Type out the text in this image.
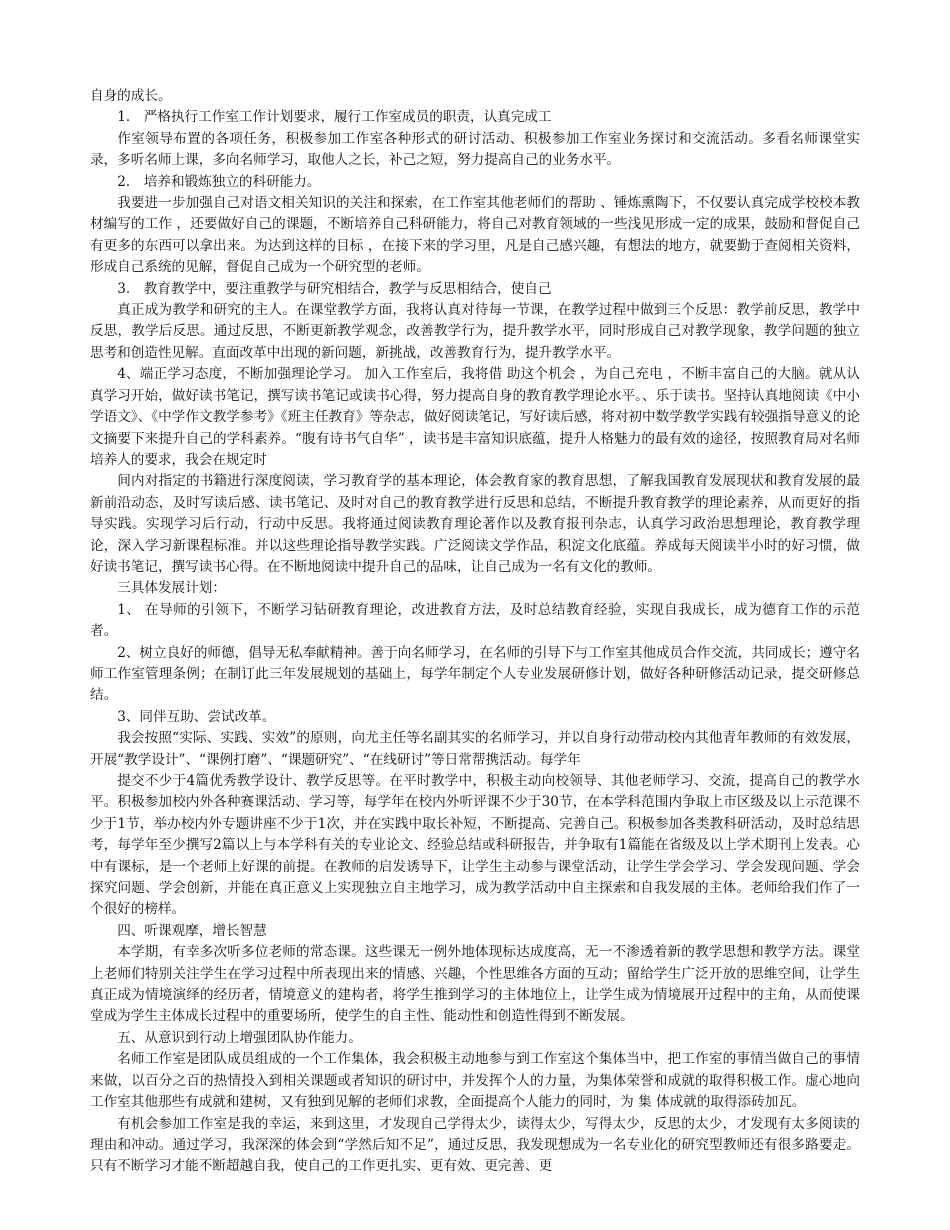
自身的成长。

1． 严格执行工作室工作计划要求，履行工作室成员的职责，认真完成工

作室领导布置的各项任务，积极参加工作室各种形式的研讨活动、积极参加工作室业务探讨和交流活动。多看名师课堂实录，多听名师上课，多向名师学习，取他人之长，补己之短，努力提高自己的业务水平。

2． 培养和锻炼独立的科研能力。

我要进一步加强自己对语文相关知识的关注和探索，在工作室其他老师们的帮助 、锤炼熏陶下，不仅要认真完成学校校本教材编写的工作 ，还要做好自己的课题，不断培养自己科研能力，将自己对教育领域的一些浅见形成一定的成果，鼓励和督促自己有更多的东西可以拿出来。为达到这样的目标 ，在接下来的学习里，凡是自己感兴趣，有想法的地方，就要勤于查阅相关资料，形成自己系统的见解，督促自己成为一个研究型的老师。

3． 教育教学中，要注重教学与研究相结合，教学与反思相结合，使自己

真正成为教学和研究的主人。在课堂教学方面，我将认真对待每一节课，在教学过程中做到三个反思：教学前反思，教学中反思，教学后反思。通过反思，不断更新教学观念，改善教学行为，提升教学水平，同时形成自己对教学现象，教学问题的独立思考和创造性见解。直面改革中出现的新问题，新挑战，改善教育行为，提升教学水平。

4、端正学习态度，不断加强理论学习。 加入工作室后，我将借 助这个机会 ，为自己充电 ，不断丰富自己的大脑。就从认真学习开始，做好读书笔记，撰写读书笔记或读书心得，努力提高自身的教育教学理论水平。、乐于读书。坚持认真地阅读《中小学语文》、《中学作文教学参考》《班主任教育》等杂志，做好阅读笔记，写好读后感，将对初中数学教学实践有较强指导意义的论文摘要下来提升自己的学科素养。“腹有诗书气自华” ，读书是丰富知识底蕴，提升人格魅力的最有效的途径，按照教育局对名师培养人的要求，我会在规定时

间内对指定的书籍进行深度阅读，学习教育学的基本理论，体会教育家的教育思想，了解我国教育发展现状和教育发展的最新前沿动态，及时写读后感、读书笔记、及时对自己的教育教学进行反思和总结，不断提升教育教学的理论素养，从而更好的指导实践。实现学习后行动，行动中反思。我将通过阅读教育理论著作以及教育报刊杂志，认真学习政治思想理论，教育教学理论，深入学习新课程标准。并以这些理论指导教学实践。广泛阅读文学作品，积淀文化底蕴。养成每天阅读半小时的好习惯，做好读书笔记，撰写读书心得。在不断地阅读中提升自己的品味，让自己成为一名有文化的教师。

三具体发展计划：

1、 在导师的引领下，不断学习钻研教育理论，改进教育方法，及时总结教育经验，实现自我成长，成为德育工作的示范者。

2、树立良好的师德，倡导无私奉献精神。善于向名师学习，在名师的引导下与工作室其他成员合作交流，共同成长；遵守名师工作室管理条例；在制订此三年发展规划的基础上，每学年制定个人专业发展研修计划，做好各种研修活动记录，提交研修总结。

3、同伴互助、尝试改革。

我会按照“实际、实践、实效”的原则，向尤主任等名副其实的名师学习，并以自身行动带动校内其他青年教师的有效发展，开展“教学设计”、“课例打磨”、“课题研究”、“在线研讨”等日常帮携活动。每学年

提交不少于4篇优秀教学设计、教学反思等。在平时教学中，积极主动向校领导、其他老师学习、交流，提高自己的教学水平。积极参加校内外各种赛课活动、学习等，每学年在校内外听评课不少于30节，在本学科范围内争取上市区级及以上示范课不少于1节，举办校内外专题讲座不少于1次，并在实践中取长补短，不断提高、完善自己。积极参加各类教科研活动，及时总结思考，每学年至少撰写2篇以上与本学科有关的专业论文、经验总结或科研报告，并争取有1篇能在省级及以上学术期刊上发表。心中有课标，是一个老师上好课的前提。在教师的启发诱导下，让学生主动参与课堂活动，让学生学会学习、学会发现问题、学会探究问题、学会创新，并能在真正意义上实现独立自主地学习，成为教学活动中自主探索和自我发展的主体。老师给我们作了一个很好的榜样。

四、听课观摩，增长智慧

本学期，有幸多次听多位老师的常态课。这些课无一例外地体现标达成度高，无一不渗透着新的教学思想和教学方法。课堂上老师们特别关注学生在学习过程中所表现出来的情感、兴趣，个性思维各方面的互动；留给学生广泛开放的思维空间，让学生真正成为情境演绎的经历者，情境意义的建构者，将学生推到学习的主体地位上，让学生成为情境展开过程中的主角，从而使课堂成为学生主体成长过程中的重要场所，使学生的自主性、能动性和创造性得到不断发展。

五、从意识到行动上增强团队协作能力。

名师工作室是团队成员组成的一个工作集体，我会积极主动地参与到工作室这个集体当中，把工作室的事情当做自己的事情来做，以百分之百的热情投入到相关课题或者知识的研讨中，并发挥个人的力量，为集体荣誉和成就的取得积极工作。虚心地向工作室其他那些有成就和建树，又有独到见解的老师们求教，全面提高个人能力的同时，为 集 体成就的取得添砖加瓦。

有机会参加工作室是我的幸运，来到这里，才发现自己学得太少，读得太少，写得太少，反思的太少，才发现有太多阅读的理由和冲动。通过学习，我深深的体会到“学然后知不足”，通过反思，我发现想成为一名专业化的研究型教师还有很多路要走。只有不断学习才能不断超越自我，使自己的工作更扎实、更有效、更完善、更
